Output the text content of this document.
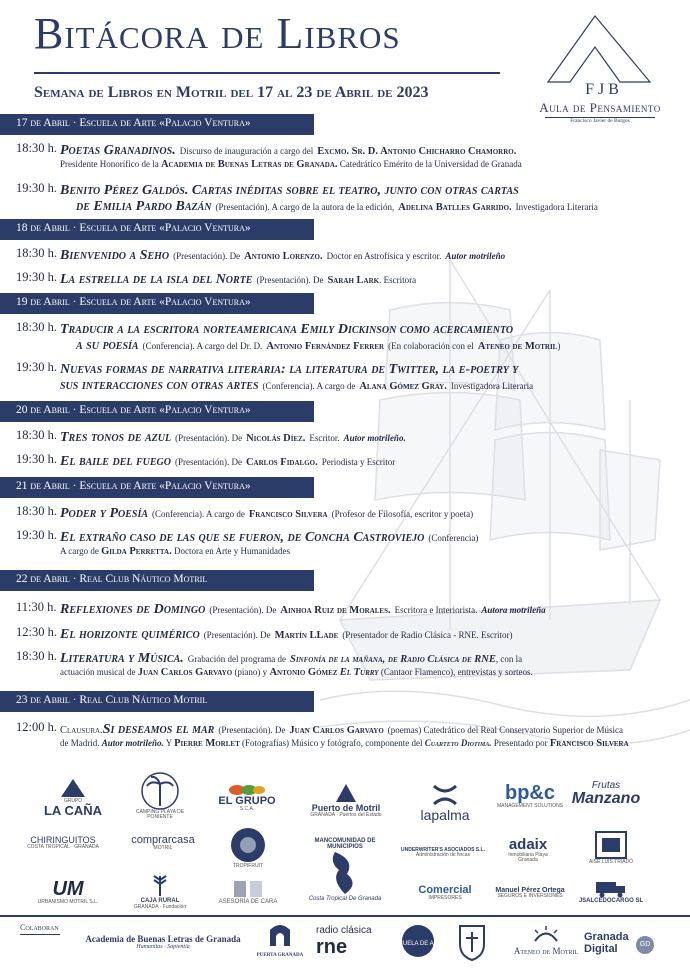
Bitácora de Libros
Semana de Libros en Motril del 17 al 23 de Abril de 2023	F J B
Aula de Pensamiento
Francisco Javier de Burgos
17 de Abril · Escuela de Arte «Palacio Ventura»
18:30 h. Poetas Granadinos. Discurso de inauguración a cargo del Excmo. Sr. D. Antonio Chicharro Chamorro.
Presidente Honorífico de la Academia de Buenas Letras de Granada. Catedrático Emérito de la Universidad de Granada
19:30 h. Benito Pérez Galdós. Cartas inéditas sobre el teatro, junto con otras cartas
de Emilia Pardo Bazán (Presentación). A cargo de la autora de la edición, Adelina Batlles Garrido. Investigadora Literaria
18 de Abril · Escuela de Arte «Palacio Ventura»
18:30 h. Bienvenido a Seho (Presentación). De Antonio Lorenzo. Doctor en Astrofísica y escritor. Autor motrileño
19:30 h. La estrella de la isla del Norte (Presentación). De Sarah Lark. Escritora
19 de Abril · Escuela de Arte «Palacio Ventura»
18:30 h. Traducir a la escritora norteamericana Emily Dickinson como acercamiento
a su poesía (Conferencia). A cargo del Dr. D. Antonio Fernández Ferrer (En colaboración con el Ateneo de Motril)
19:30 h. Nuevas formas de narrativa literaria: la literatura de Twitter, la e-poetry y
sus interacciones con otras artes (Conferencia). A cargo de Alana Gómez Gray. Investigadora Literaria
20 de Abril · Escuela de Arte «Palacio Ventura»
18:30 h. Tres tonos de azul (Presentación). De Nicolás Díez. Escritor. Autor motrileño.
19:30 h. El baile del fuego (Presentación). De Carlos Fidalgo. Periodista y Escritor
21 de Abril · Escuela de Arte «Palacio Ventura»
18:30 h. Poder y Poesía (Conferencia). A cargo de Francisco Silvera (Profesor de Filosofía, escritor y poeta)
19:30 h. El extraño caso de las que se fueron, de Concha Castroviejo (Conferencia)
A cargo de Gilda Perretta. Doctora en Arte y Humanidades
22 de Abril · Real Club Náutico Motril
11:30 h. Reflexiones de Domingo (Presentación). De Ainhoa Ruiz de Morales. Escritora e Interiorista. Autora motrileña
12:30 h. El horizonte quimérico (Presentación). De Martín LLade (Presentador de Radio Clásica - RNE. Escritor)
18:30 h. Literatura y Música. Grabación del programa de Sinfonía de la mañana, de Radio Clásica de RNE, con la
actuación musical de Juan Carlos Garvayo (piano) y Antonio Gómez El Turry (Cantaor Flamenco), entrevistas y sorteos.
23 de Abril · Real Club Náutico Motril
12:00 h. Clausura.Si deseamos el mar (Presentación). De Juan Carlos Garvayo (poemas) Catedrático del Real Conservatorio Superior de Música
de Madrid. Autor motrileño. Y Pierre Morlet (Fotografías) Músico y fotógrafo, componente del Cuarteto Diotima. Presentado por Francisco Silvera
GRUPO
LA CAÑA	CAMPING PLAYA DE PONIENTE
EL GRUPO
S.C.A.	Puerto de Motril
GRANADA · Puertos del Estado	lapalma
bp&c
MANAGEMENT SOLUTIONS
Frutas
Manzano
CHIRINGUITOS
COSTA TROPICAL · GRANADA
comprarcasa
MOTRIL
TROPIFRUIT
MANCOMUNIDAD DE MUNICIPIOS
Costa Tropical De Granada
UNDERWRITER'S ASOCIADOS S.L.
Administración de fincas
adaix
Inmobiliaria Playa Granada	AISE LUIS TRIADÓ
UM
URBANISMO MOTRIL S.L.	CAJA RURAL
GRANADA · Fundación
ASESORÍA DE CARA
Comercial
IMPRESORES
Manuel Pérez Ortega
SEGUROS E INVERSIONES
JSALCEDOCARGO SL
Colaboran
Academia de Buenas Letras de Granada
Humanitas · Sapientia
PUERTA GRANADA
radio clásica
rne	ESCUELA DE ARTE
Ateneo de Motril
Granada
Digital	GD
